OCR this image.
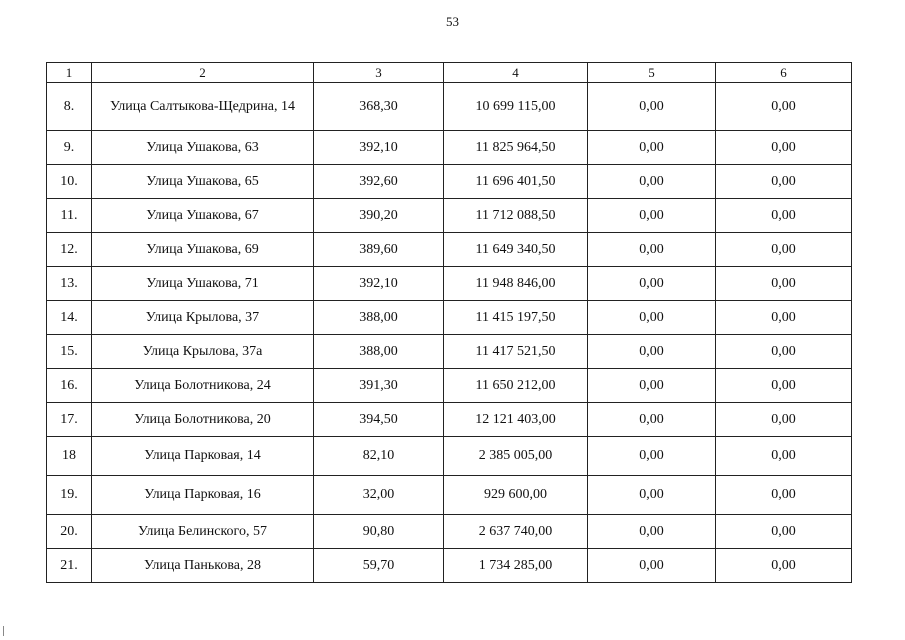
53
1	2	3	4	5	6
8.	Улица Салтыкова-Щедрина, 14	368,30	10 699 115,00	0,00	0,00
9.	Улица Ушакова, 63	392,10	11 825 964,50	0,00	0,00
10.	Улица Ушакова, 65	392,60	11 696 401,50	0,00	0,00
11.	Улица Ушакова, 67	390,20	11 712 088,50	0,00	0,00
12.	Улица Ушакова, 69	389,60	11 649 340,50	0,00	0,00
13.	Улица Ушакова, 71	392,10	11 948 846,00	0,00	0,00
14.	Улица Крылова, 37	388,00	11 415 197,50	0,00	0,00
15.	Улица Крылова, 37а	388,00	11 417 521,50	0,00	0,00
16.	Улица Болотникова, 24	391,30	11 650 212,00	0,00	0,00
17.	Улица Болотникова, 20	394,50	12 121 403,00	0,00	0,00
18	Улица Парковая, 14	82,10	2 385 005,00	0,00	0,00
19.	Улица Парковая, 16	32,00	929 600,00	0,00	0,00
20.	Улица Белинского, 57	90,80	2 637 740,00	0,00	0,00
21.	Улица Панькова, 28	59,70	1 734 285,00	0,00	0,00
